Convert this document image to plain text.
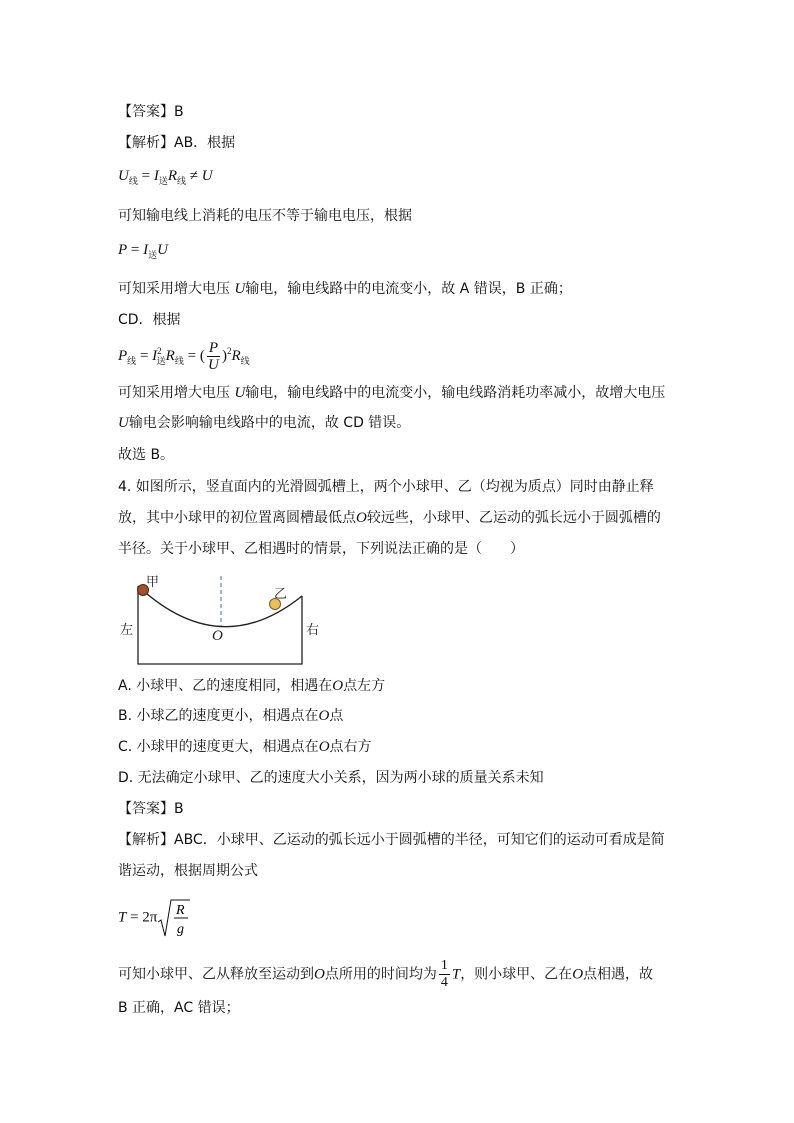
【答案】B
【解析】AB．根据
$U_线 = I_送R_线 \ne U$
可知输电线上消耗的电压不等于输电电压，根据
$P = I_送U$
可知采用增大电压 U输电，输电线路中的电流变小，故 A 错误，B 正确；
CD．根据
$P_线 = I^2_送R_线$ = ( $\frac{P}{U} )^2R_线$
可知采用增大电压 U输电，输电线路中的电流变小，输电线路消耗功率减小，故增大电压
U输电会影响输电线路中的电流，故 CD 错误。
故选 B。
4. 如图所示，竖直面内的光滑圆弧槽上，两个小球甲、乙（均视为质点）同时由静止释
放，其中小球甲的初位置离圆槽最低点O较远些，小球甲、乙运动的弧长远小于圆弧槽的
半径。关于小球甲、乙相遇时的情景，下列说法正确的是（　　）
甲
乙
左	右
O
A. 小球甲、乙的速度相同，相遇在O点左方
B. 小球乙的速度更小，相遇点在O点
C. 小球甲的速度更大，相遇点在O点右方
D. 无法确定小球甲、乙的速度大小关系，因为两小球的质量关系未知
【答案】B
【解析】ABC．小球甲、乙运动的弧长远小于圆弧槽的半径，可知它们的运动可看成是简
谐运动，根据周期公式
T = 2π R
g
可知小球甲、乙从释放至运动到O点所用的时间均为 $\frac{1}{4}$ T，则小球甲、乙在O点相遇，故
B 正确，AC 错误；
